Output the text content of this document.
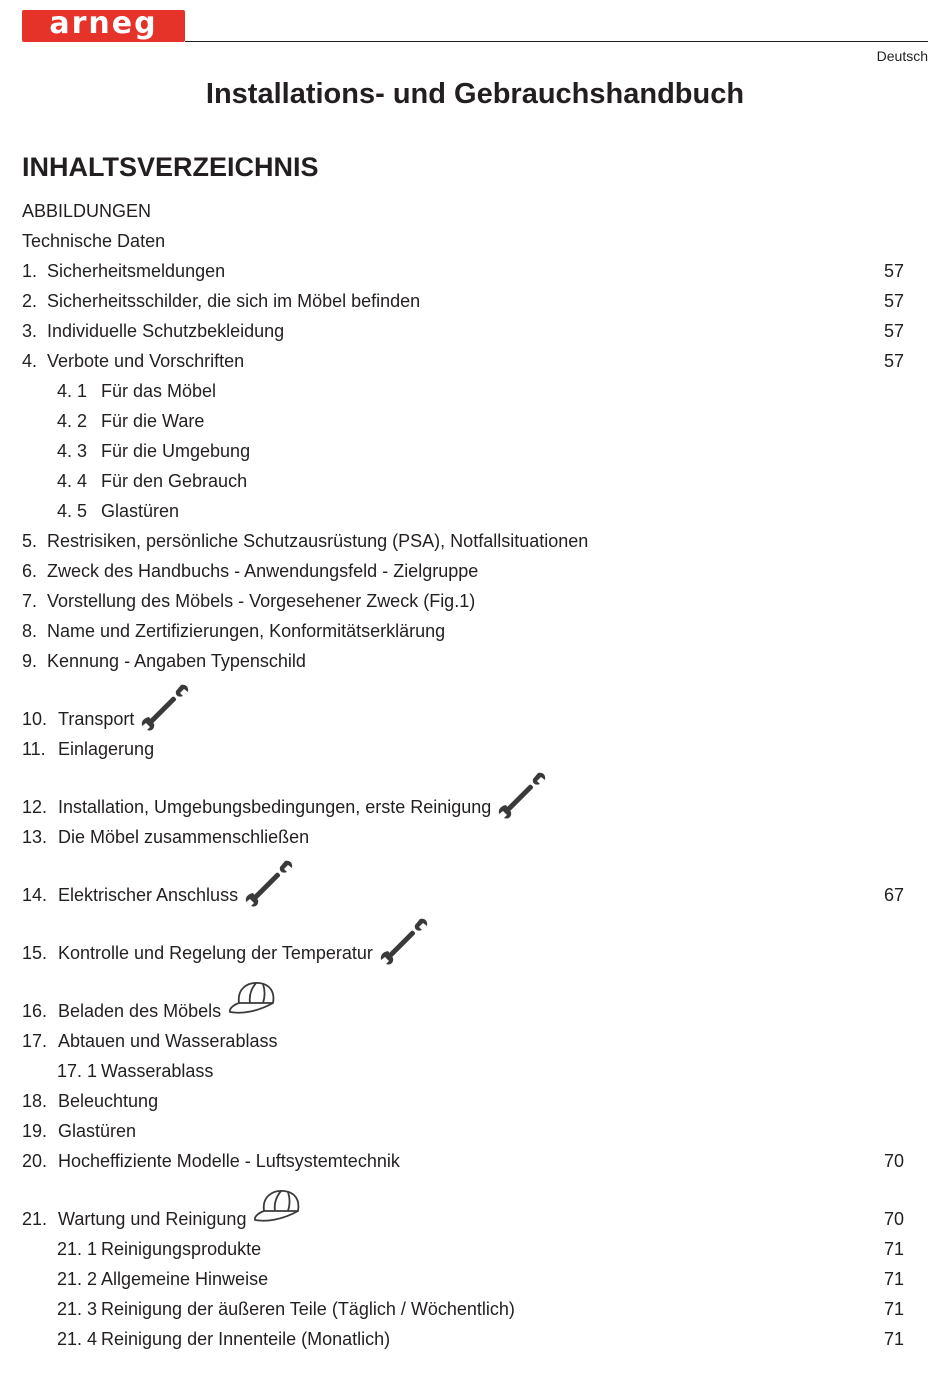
arneg
Deutsch
Installations- und Gebrauchshandbuch
INHALTSVERZEICHNIS
ABBILDUNGEN
Technische Daten
1. Sicherheitsmeldungen	57
2. Sicherheitsschilder, die sich im Möbel befinden	57
3. Individuelle Schutzbekleidung	57
4. Verbote und Vorschriften	57
4. 1 Für das Möbel
4. 2 Für die Ware
4. 3 Für die Umgebung
4. 4 Für den Gebrauch
4. 5 Glastüren
5. Restrisiken, persönliche Schutzausrüstung (PSA), Notfallsituationen
6. Zweck des Handbuchs - Anwendungsfeld - Zielgruppe
7. Vorstellung des Möbels - Vorgesehener Zweck (Fig.1)
8. Name und Zertifizierungen, Konformitätserklärung
9. Kennung - Angaben Typenschild
10. Transport
11. Einlagerung
12. Installation, Umgebungsbedingungen, erste Reinigung
13. Die Möbel zusammenschließen
14. Elektrischer Anschluss	67
15. Kontrolle und Regelung der Temperatur
16. Beladen des Möbels
17. Abtauen und Wasserablass
17. 1 Wasserablass
18. Beleuchtung
19. Glastüren
20. Hocheffiziente Modelle - Luftsystemtechnik	70
21. Wartung und Reinigung	70
21. 1 Reinigungsprodukte	71
21. 2 Allgemeine Hinweise	71
21. 3 Reinigung der äußeren Teile (Täglich / Wöchentlich)	71
21. 4 Reinigung der Innenteile (Monatlich)	71
